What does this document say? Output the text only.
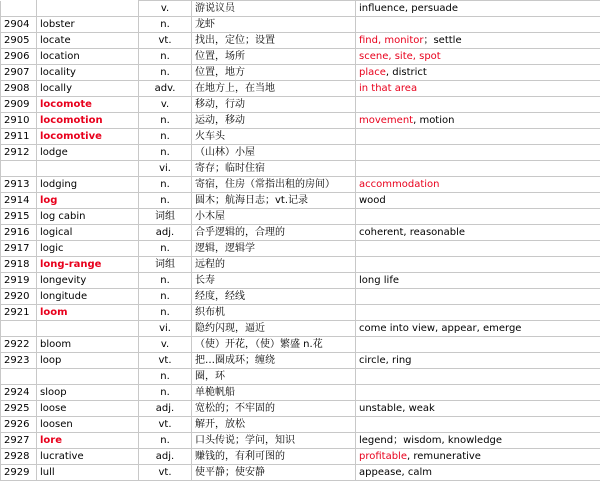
		v.	游说议员	influence, persuade
2904	lobster	n.	龙虾	
2905	locate	vt.	找出，定位；设置	find, monitor；settle
2906	location	n.	位置，场所	scene, site, spot
2907	locality	n.	位置，地方	place, district
2908	locally	adv.	在地方上，在当地	in that area
2909	locomote	v.	移动，行动	
2910	locomotion	n.	运动，移动	movement, motion
2911	locomotive	n.	火车头	
2912	lodge	n.	（山林）小屋	
		vi.	寄存；临时住宿	
2913	lodging	n.	寄宿，住房（常指出租的房间）	accommodation
2914	log	n.	圆木；航海日志；vt.记录	wood
2915	log cabin	词组	小木屋	
2916	logical	adj.	合乎逻辑的，合理的	coherent, reasonable
2917	logic	n.	逻辑，逻辑学	
2918	long-range	词组	远程的	
2919	longevity	n.	长寿	long life
2920	longitude	n.	经度，经线	
2921	loom	n.	织布机	
		vi.	隐约闪现，逼近	come into view, appear, emerge
2922	bloom	v.	（使）开花，（使）繁盛 n.花	
2923	loop	vt.	把…圈成环；缠绕	circle, ring
		n.	圈，环	
2924	sloop	n.	单桅帆船	
2925	loose	adj.	宽松的；不牢固的	unstable, weak
2926	loosen	vt.	解开，放松	
2927	lore	n.	口头传说；学问，知识	legend；wisdom, knowledge
2928	lucrative	adj.	赚钱的，有利可图的	profitable, remunerative
2929	lull	vt.	使平静；使安静	appease, calm
